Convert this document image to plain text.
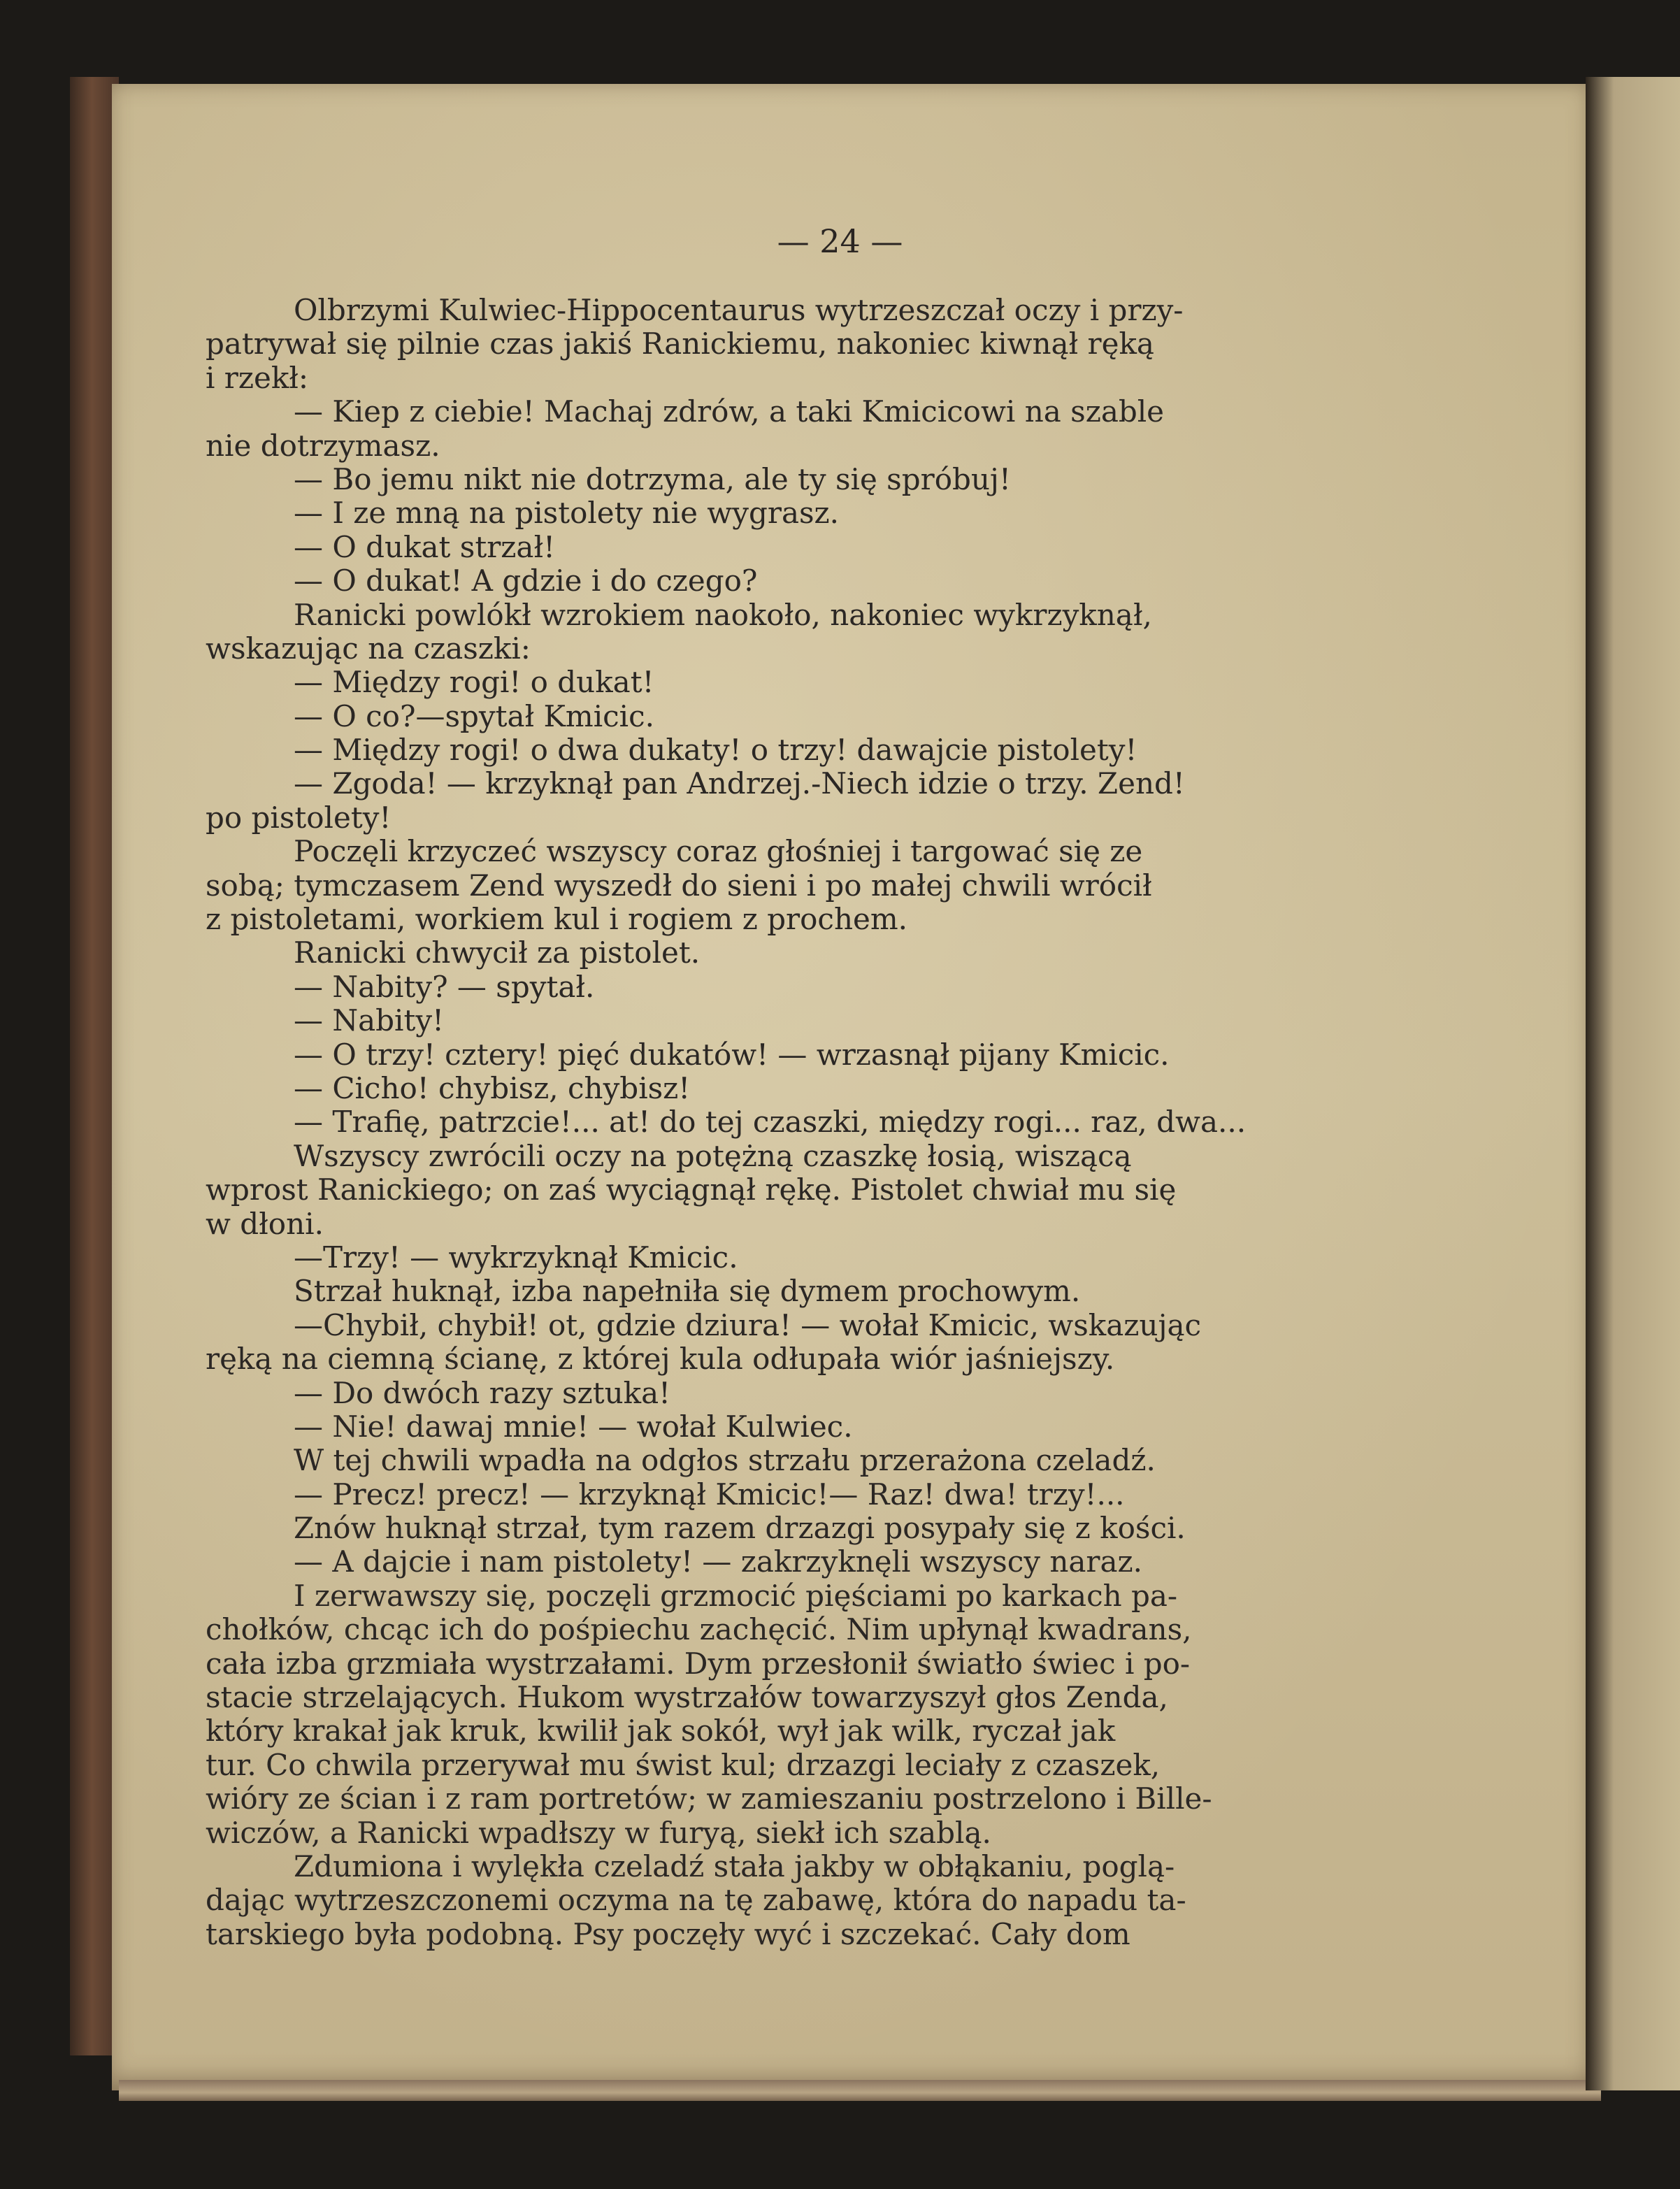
— 24 —

Olbrzymi Kulwiec-Hippocentaurus wytrzeszczał oczy i przy-
patrywał się pilnie czas jakiś Ranickiemu, nakoniec kiwnął ręką
i rzekł:
— Kiep z ciebie! Machaj zdrów, a taki Kmicicowi na szable
nie dotrzymasz.
— Bo jemu nikt nie dotrzyma, ale ty się spróbuj!
— I ze mną na pistolety nie wygrasz.
— O dukat strzał!
— O dukat! A gdzie i do czego?
Ranicki powlókł wzrokiem naokoło, nakoniec wykrzyknął,
wskazując na czaszki:
— Między rogi! o dukat!
— O co?—spytał Kmicic.
— Między rogi! o dwa dukaty! o trzy! dawajcie pistolety!
— Zgoda! — krzyknął pan Andrzej.-Niech idzie o trzy. Zend!
po pistolety!
Poczęli krzyczeć wszyscy coraz głośniej i targować się ze
sobą; tymczasem Zend wyszedł do sieni i po małej chwili wrócił
z pistoletami, workiem kul i rogiem z prochem.
Ranicki chwycił za pistolet.
— Nabity? — spytał.
— Nabity!
— O trzy! cztery! pięć dukatów! — wrzasnął pijany Kmicic.
— Cicho! chybisz, chybisz!
— Trafię, patrzcie!... at! do tej czaszki, między rogi... raz, dwa...
Wszyscy zwrócili oczy na potężną czaszkę łosią, wiszącą
wprost Ranickiego; on zaś wyciągnął rękę. Pistolet chwiał mu się
w dłoni.
—Trzy! — wykrzyknął Kmicic.
Strzał huknął, izba napełniła się dymem prochowym.
—Chybił, chybił! ot, gdzie dziura! — wołał Kmicic, wskazując
ręką na ciemną ścianę, z której kula odłupała wiór jaśniejszy.
— Do dwóch razy sztuka!
— Nie! dawaj mnie! — wołał Kulwiec.
W tej chwili wpadła na odgłos strzału przerażona czeladź.
— Precz! precz! — krzyknął Kmicic!— Raz! dwa! trzy!...
Znów huknął strzał, tym razem drzazgi posypały się z kości.
— A dajcie i nam pistolety! — zakrzyknęli wszyscy naraz.
I zerwawszy się, poczęli grzmocić pięściami po karkach pa-
chołków, chcąc ich do pośpiechu zachęcić. Nim upłynął kwadrans,
cała izba grzmiała wystrzałami. Dym przesłonił światło świec i po-
stacie strzelających. Hukom wystrzałów towarzyszył głos Zenda,
który krakał jak kruk, kwilił jak sokół, wył jak wilk, ryczał jak
tur. Co chwila przerywał mu świst kul; drzazgi leciały z czaszek,
wióry ze ścian i z ram portretów; w zamieszaniu postrzelono i Bille-
wiczów, a Ranicki wpadłszy w furyą, siekł ich szablą.
Zdumiona i wylękła czeladź stała jakby w obłąkaniu, poglą-
dając wytrzeszczonemi oczyma na tę zabawę, która do napadu ta-
tarskiego była podobną. Psy poczęły wyć i szczekać. Cały dom
